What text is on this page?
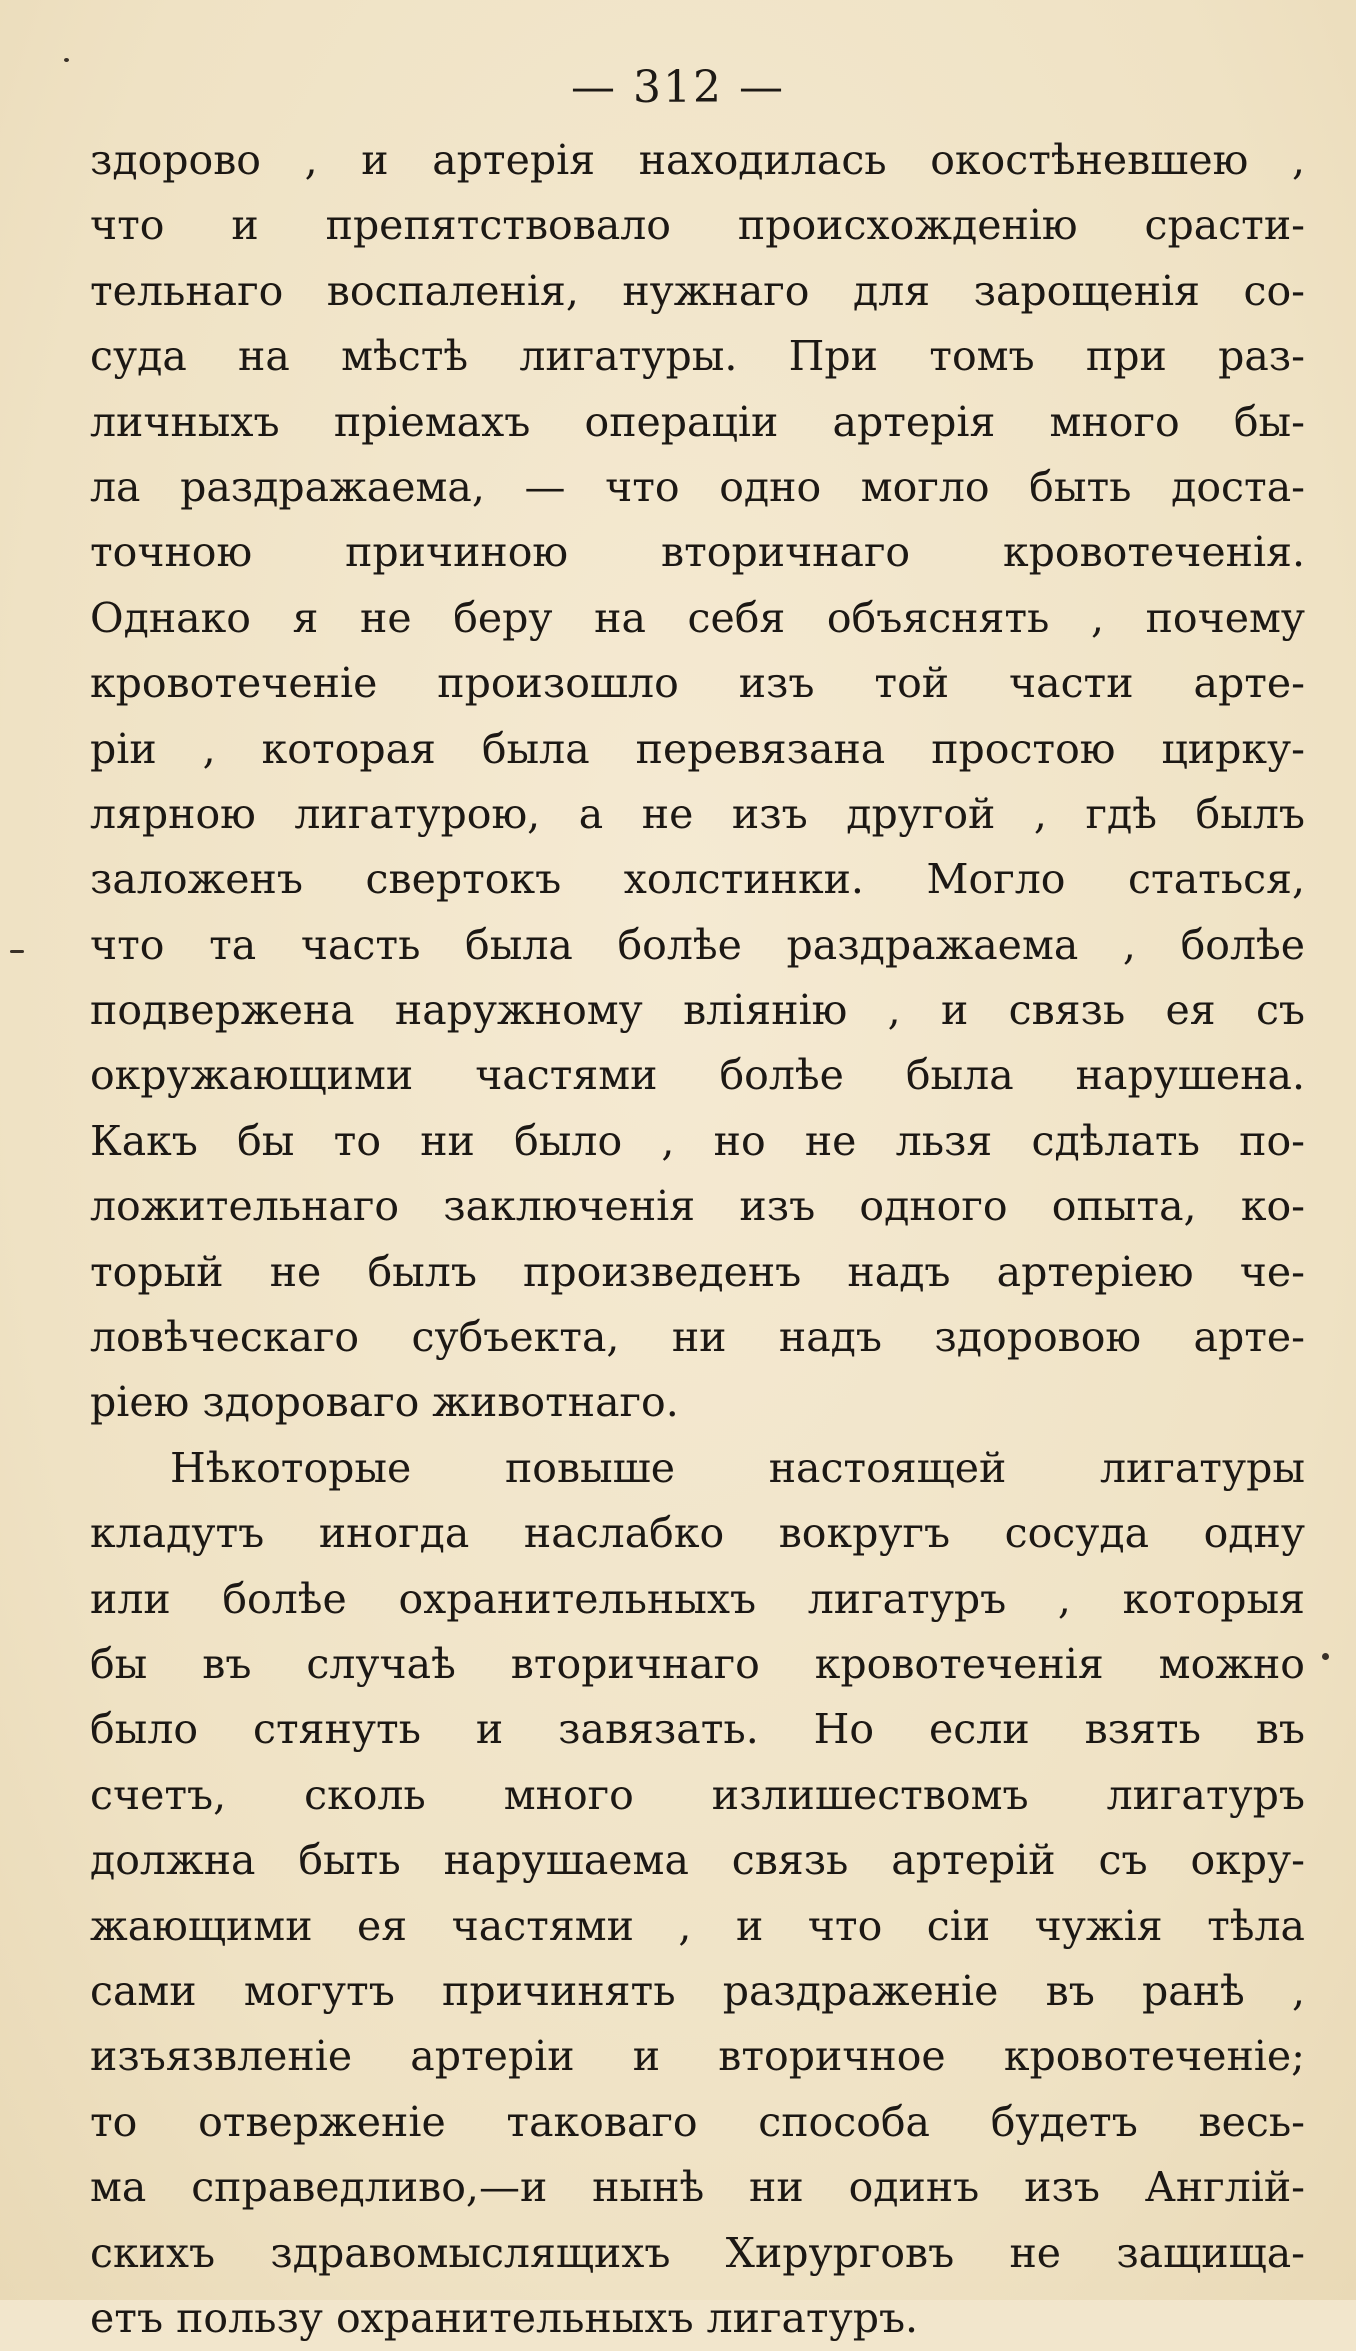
— 312 —
здорово , и артерія находилась окостѣневшею ,
что и препятствовало происхожденію срасти-
тельнаго воспаленія, нужнаго для зарощенія со-
суда на мѣстѣ лигатуры. При томъ при раз-
личныхъ пріемахъ операціи артерія много бы-
ла раздражаема, — что одно могло быть доста-
точною причиною вторичнаго кровотеченія.
Однако я не беру на себя объяснять , почему
кровотеченіе произошло изъ той части арте-
ріи , которая была перевязана простою цирку-
лярною лигатурою, а не изъ другой , гдѣ былъ
заложенъ свертокъ холстинки. Могло статься,
что та часть была болѣе раздражаема , болѣе
подвержена наружному вліянію , и связь ея съ
окружающими частями болѣе была нарушена.
Какъ бы то ни было , но не льзя сдѣлать по-
ложительнаго заключенія изъ одного опыта, ко-
торый не былъ произведенъ надъ артеріею че-
ловѣческаго субъекта, ни надъ здоровою арте-
ріею здороваго животнаго.
Нѣкоторые повыше настоящей лигатуры
кладутъ иногда наслабко вокругъ сосуда одну
или болѣе охранительныхъ лигатуръ , которыя
бы въ случаѣ вторичнаго кровотеченія можно
было стянуть и завязать. Но если взять въ
счетъ, сколь много излишествомъ лигатуръ
должна быть нарушаема связь артерій съ окру-
жающими ея частями , и что сіи чужія тѣла
сами могутъ причинять раздраженіе въ ранѣ ,
изъязвленіе артеріи и вторичное кровотеченіе;
то отверженіе таковаго способа будетъ весь-
ма справедливо,—и нынѣ ни одинъ изъ Англій-
скихъ здравомыслящихъ Хирурговъ не защища-
етъ пользу охранительныхъ лигатуръ.
